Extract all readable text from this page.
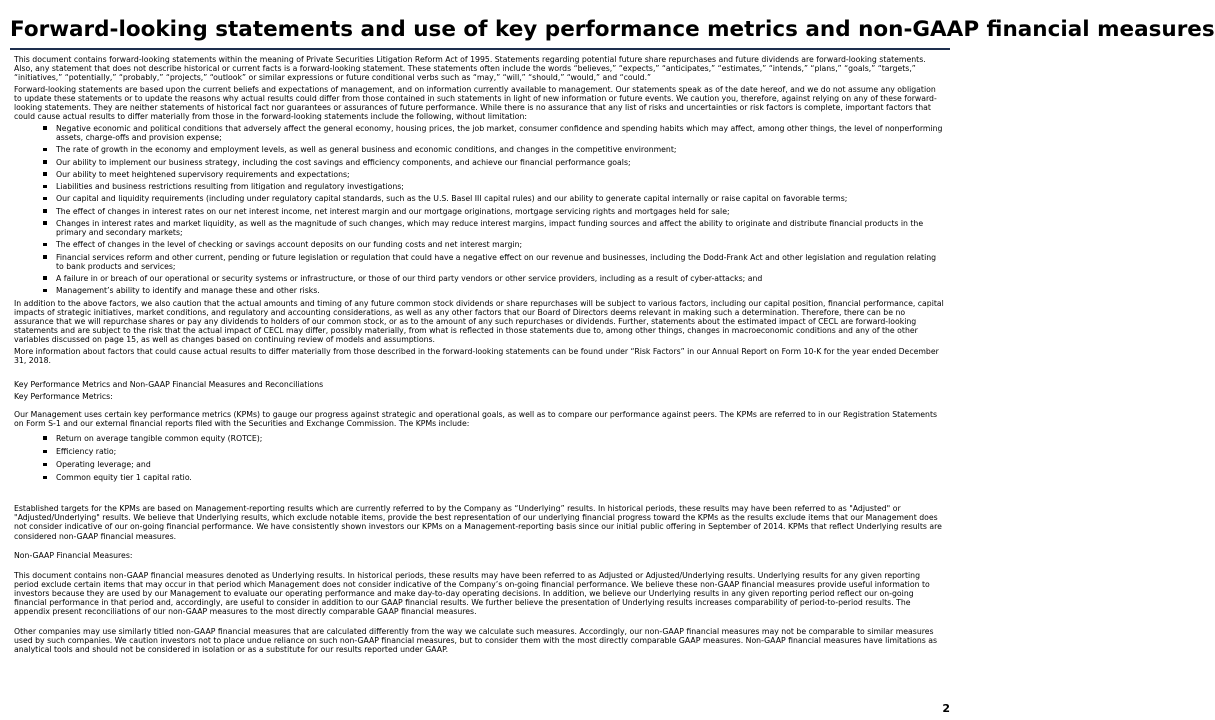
Forward-looking statements and use of key performance metrics and non-GAAP financial measures

This document contains forward-looking statements within the meaning of Private Securities Litigation Reform Act of 1995. Statements regarding potential future share repurchases and future dividends are forward-looking statements. Also, any statement that does not describe historical or current facts is a forward-looking statement. These statements often include the words “believes,” “expects,” “anticipates,” “estimates,” “intends,” “plans,” “goals,” “targets,” “initiatives,” “potentially,” “probably,” “projects,” “outlook” or similar expressions or future conditional verbs such as “may,” “will,” “should,” “would,” and “could.”

Forward-looking statements are based upon the current beliefs and expectations of management, and on information currently available to management. Our statements speak as of the date hereof, and we do not assume any obligation to update these statements or to update the reasons why actual results could differ from those contained in such statements in light of new information or future events. We caution you, therefore, against relying on any of these forward-looking statements. They are neither statements of historical fact nor guarantees or assurances of future performance. While there is no assurance that any list of risks and uncertainties or risk factors is complete, important factors that could cause actual results to differ materially from those in the forward-looking statements include the following, without limitation:

Negative economic and political conditions that adversely affect the general economy, housing prices, the job market, consumer confidence and spending habits which may affect, among other things, the level of nonperforming assets, charge-offs and provision expense;
The rate of growth in the economy and employment levels, as well as general business and economic conditions, and changes in the competitive environment;
Our ability to implement our business strategy, including the cost savings and efficiency components, and achieve our financial performance goals;
Our ability to meet heightened supervisory requirements and expectations;
Liabilities and business restrictions resulting from litigation and regulatory investigations;
Our capital and liquidity requirements (including under regulatory capital standards, such as the U.S. Basel III capital rules) and our ability to generate capital internally or raise capital on favorable terms;
The effect of changes in interest rates on our net interest income, net interest margin and our mortgage originations, mortgage servicing rights and mortgages held for sale;
Changes in interest rates and market liquidity, as well as the magnitude of such changes, which may reduce interest margins, impact funding sources and affect the ability to originate and distribute financial products in the primary and secondary markets;
The effect of changes in the level of checking or savings account deposits on our funding costs and net interest margin;
Financial services reform and other current, pending or future legislation or regulation that could have a negative effect on our revenue and businesses, including the Dodd-Frank Act and other legislation and regulation relating to bank products and services;
A failure in or breach of our operational or security systems or infrastructure, or those of our third party vendors or other service providers, including as a result of cyber-attacks; and
Management’s ability to identify and manage these and other risks.

In addition to the above factors, we also caution that the actual amounts and timing of any future common stock dividends or share repurchases will be subject to various factors, including our capital position, financial performance, capital impacts of strategic initiatives, market conditions, and regulatory and accounting considerations, as well as any other factors that our Board of Directors deems relevant in making such a determination. Therefore, there can be no assurance that we will repurchase shares or pay any dividends to holders of our common stock, or as to the amount of any such repurchases or dividends. Further, statements about the estimated impact of CECL are forward-looking statements and are subject to the risk that the actual impact of CECL may differ, possibly materially, from what is reflected in those statements due to, among other things, changes in macroeconomic conditions and any of the other variables discussed on page 15, as well as changes based on continuing review of models and assumptions.

More information about factors that could cause actual results to differ materially from those described in the forward-looking statements can be found under “Risk Factors” in our Annual Report on Form 10-K for the year ended December 31, 2018.

Key Performance Metrics and Non-GAAP Financial Measures and Reconciliations

Key Performance Metrics:

Our Management uses certain key performance metrics (KPMs) to gauge our progress against strategic and operational goals, as well as to compare our performance against peers. The KPMs are referred to in our Registration Statements on Form S-1 and our external financial reports filed with the Securities and Exchange Commission. The KPMs include:

Return on average tangible common equity (ROTCE);
Efficiency ratio;
Operating leverage; and
Common equity tier 1 capital ratio.

Established targets for the KPMs are based on Management-reporting results which are currently referred to by the Company as “Underlying” results. In historical periods, these results may have been referred to as "Adjusted" or "Adjusted/Underlying" results. We believe that Underlying results, which exclude notable items, provide the best representation of our underlying financial progress toward the KPMs as the results exclude items that our Management does not consider indicative of our on-going financial performance. We have consistently shown investors our KPMs on a Management-reporting basis since our initial public offering in September of 2014. KPMs that reflect Underlying results are considered non-GAAP financial measures.

Non-GAAP Financial Measures:

This document contains non-GAAP financial measures denoted as Underlying results. In historical periods, these results may have been referred to as Adjusted or Adjusted/Underlying results. Underlying results for any given reporting period exclude certain items that may occur in that period which Management does not consider indicative of the Company’s on-going financial performance. We believe these non-GAAP financial measures provide useful information to investors because they are used by our Management to evaluate our operating performance and make day-to-day operating decisions. In addition, we believe our Underlying results in any given reporting period reflect our on-going financial performance in that period and, accordingly, are useful to consider in addition to our GAAP financial results. We further believe the presentation of Underlying results increases comparability of period-to-period results. The appendix present reconciliations of our non-GAAP measures to the most directly comparable GAAP financial measures.

Other companies may use similarly titled non-GAAP financial measures that are calculated differently from the way we calculate such measures. Accordingly, our non-GAAP financial measures may not be comparable to similar measures used by such companies. We caution investors not to place undue reliance on such non-GAAP financial measures, but to consider them with the most directly comparable GAAP measures. Non-GAAP financial measures have limitations as analytical tools and should not be considered in isolation or as a substitute for our results reported under GAAP.

2
